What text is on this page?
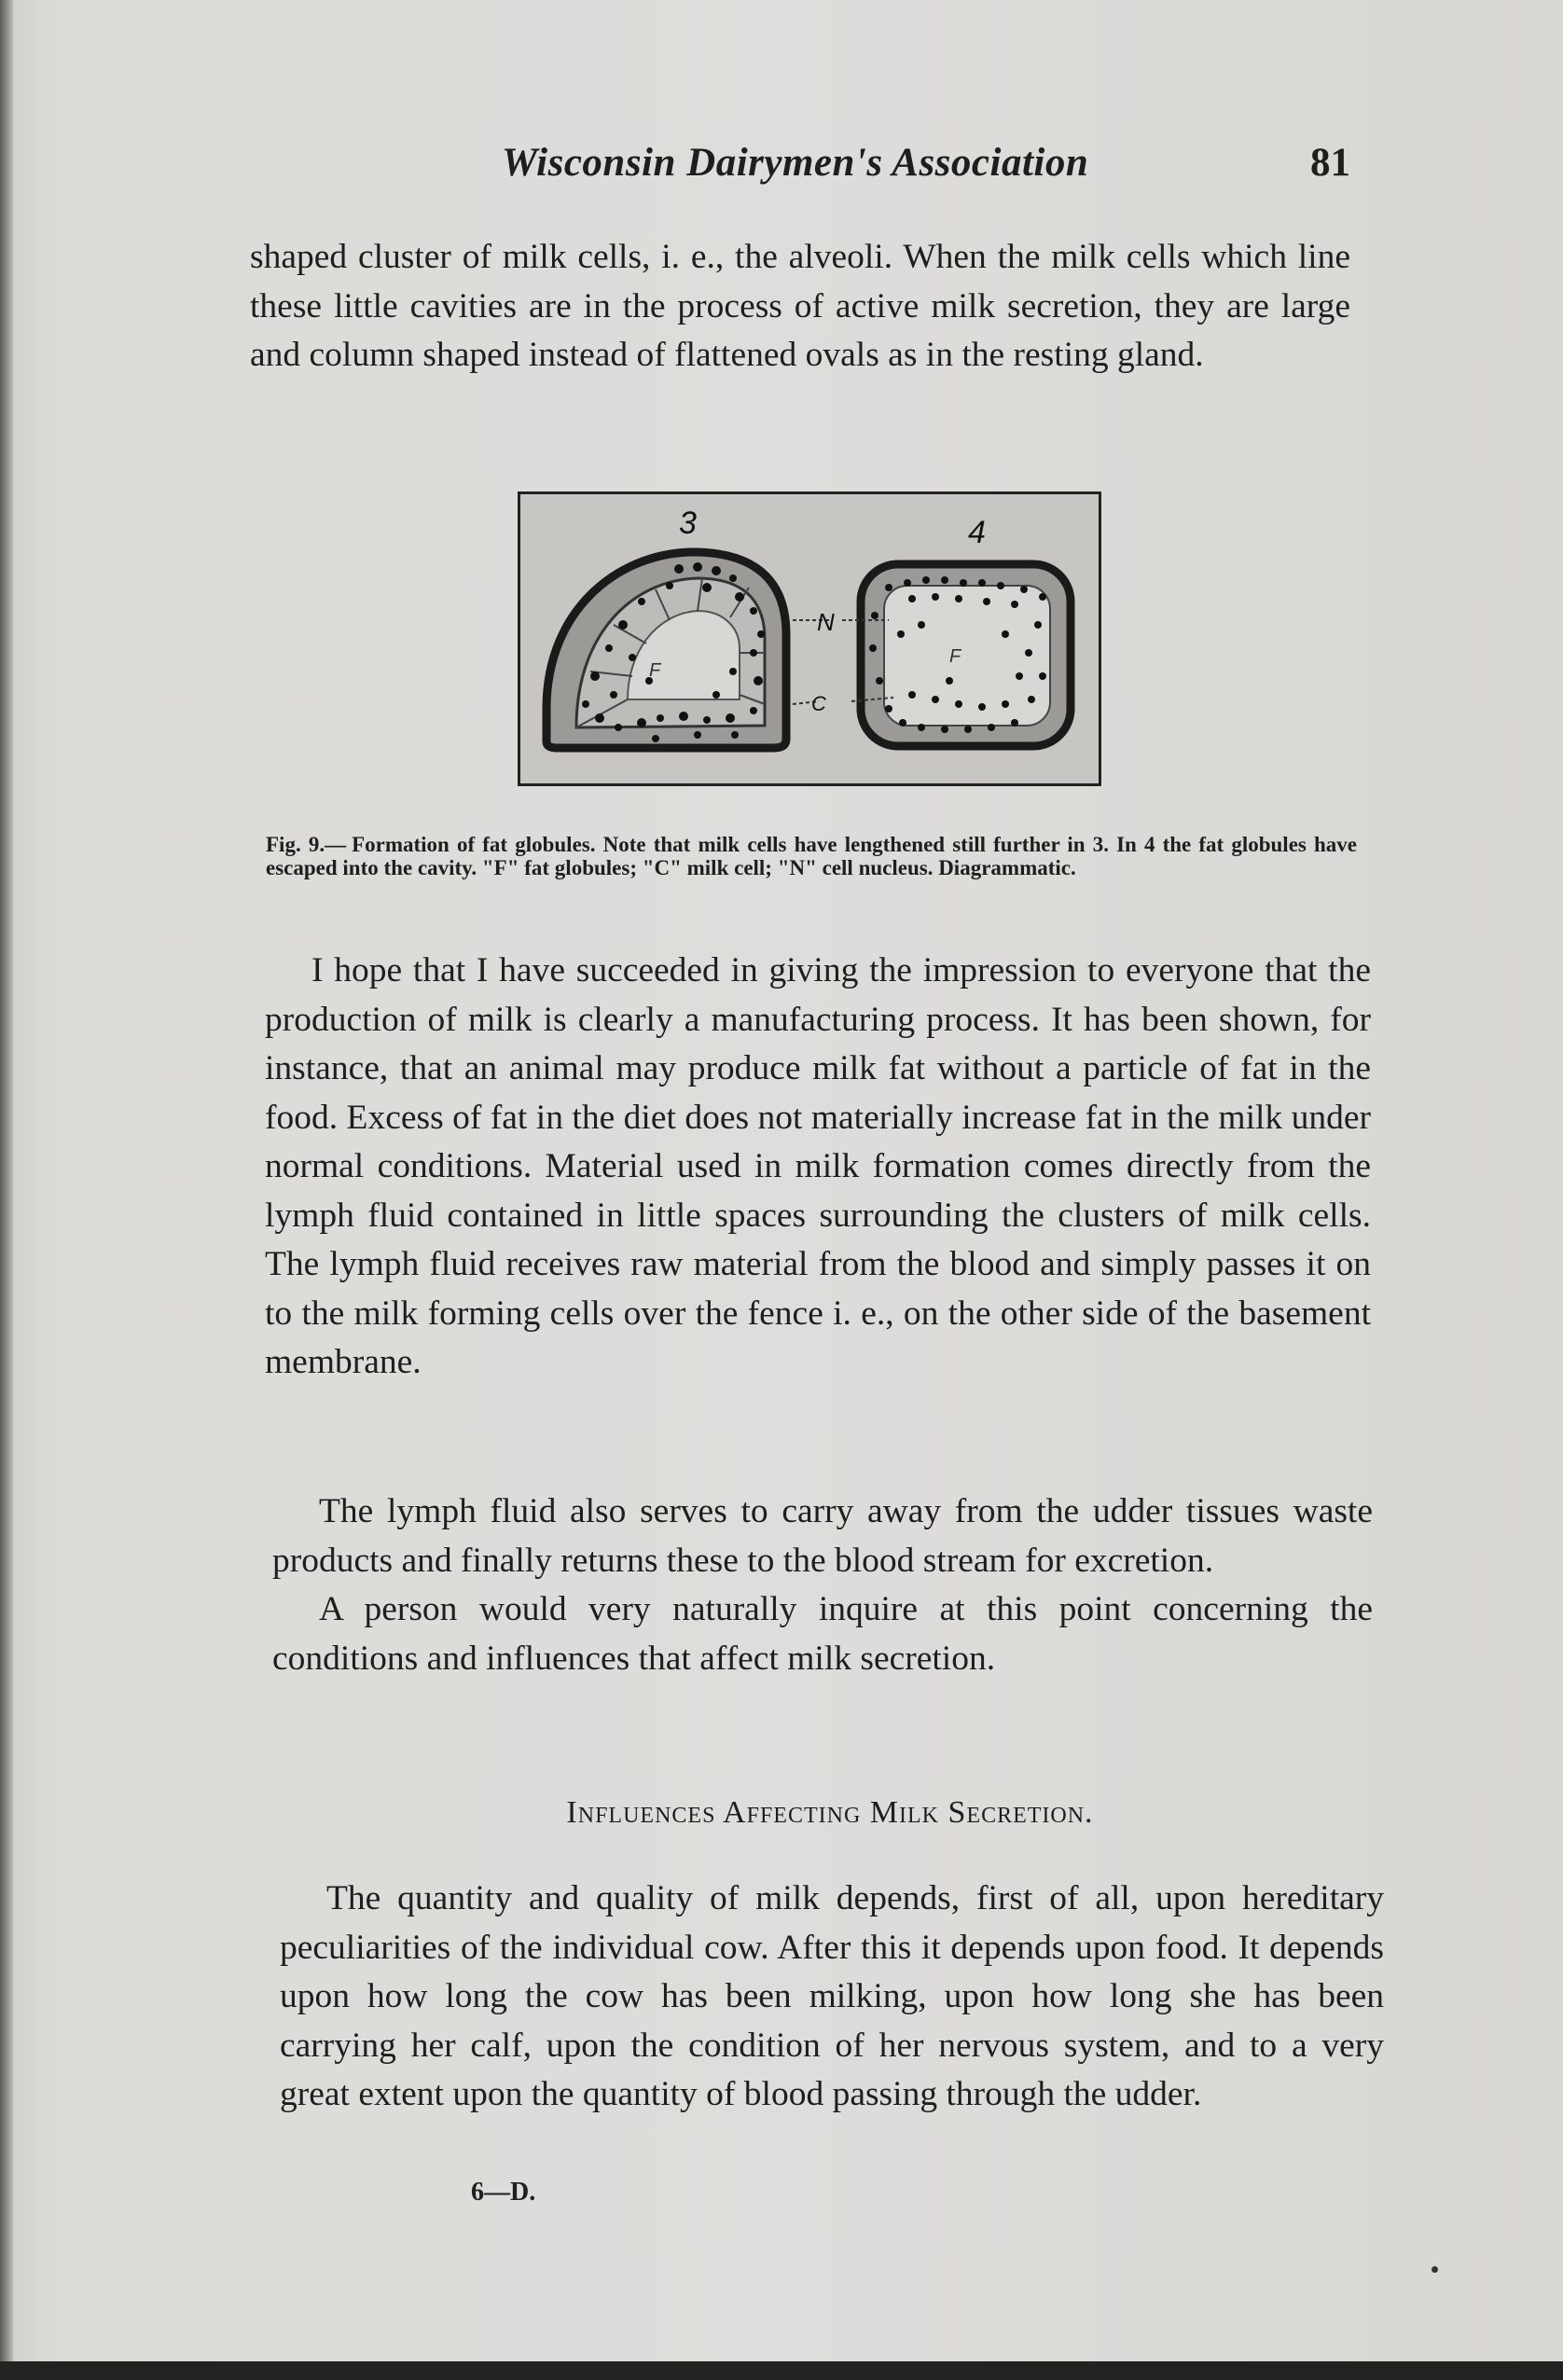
Wisconsin Dairymen's Association	81

shaped cluster of milk cells, i. e., the alveoli. When the milk cells which line these little cavities are in the process of active milk secretion, they are large and column shaped instead of flattened ovals as in the resting gland.

3	4
N
C
F
F
Fig. 9.— Formation of fat globules. Note that milk cells have lengthened still further in 3. In 4 the fat globules have escaped into the cavity. "F" fat globules; "C" milk cell; "N" cell nucleus. Diagrammatic.

I hope that I have succeeded in giving the impression to everyone that the production of milk is clearly a manufacturing process. It has been shown, for instance, that an animal may produce milk fat without a particle of fat in the food. Excess of fat in the diet does not materially increase fat in the milk under normal conditions. Material used in milk formation comes directly from the lymph fluid contained in little spaces surrounding the clusters of milk cells. The lymph fluid receives raw material from the blood and simply passes it on to the milk forming cells over the fence i. e., on the other side of the basement membrane.

The lymph fluid also serves to carry away from the udder tissues waste products and finally returns these to the blood stream for excretion.

A person would very naturally inquire at this point concerning the conditions and influences that affect milk secretion.

Influences Affecting Milk Secretion.

The quantity and quality of milk depends, first of all, upon hereditary peculiarities of the individual cow. After this it depends upon food. It depends upon how long the cow has been milking, upon how long she has been carrying her calf, upon the condition of her nervous system, and to a very great extent upon the quantity of blood passing through the udder.

6—D.
